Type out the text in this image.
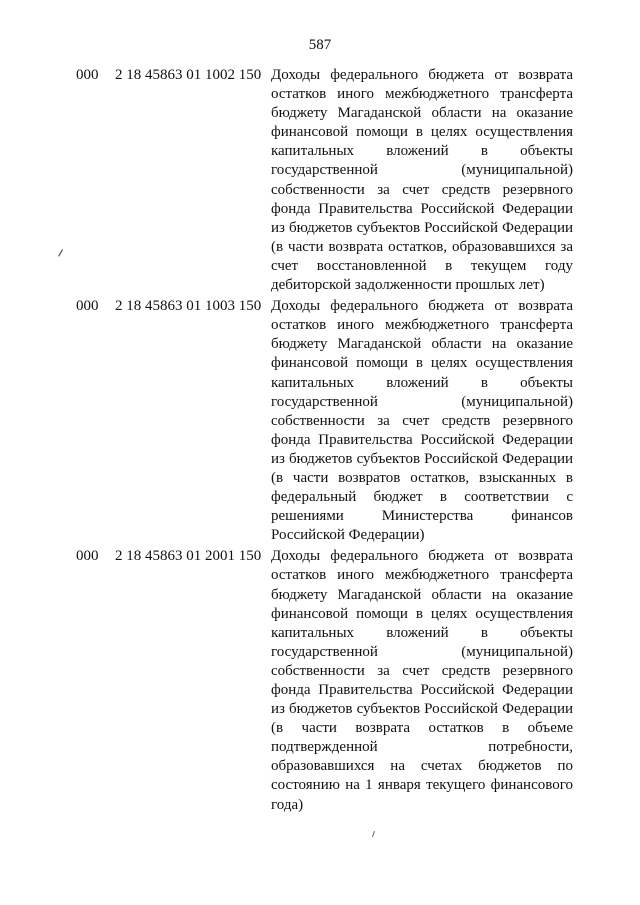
587
000 2 18 45863 01 1002 150 Доходы федерального бюджета от возврата остатков иного межбюджетного трансферта бюджету Магаданской области на оказание финансовой помощи в целях осуществления капитальных вложений в объекты государственной (муниципальной) собственности за счет средств резервного фонда Правительства Российской Федерации из бюджетов субъектов Российской Федерации (в части возврата остатков, образовавшихся за счет восстановленной в текущем году дебиторской задолженности прошлых лет)
000 2 18 45863 01 1003 150 Доходы федерального бюджета от возврата остатков иного межбюджетного трансферта бюджету Магаданской области на оказание финансовой помощи в целях осуществления капитальных вложений в объекты государственной (муниципальной) собственности за счет средств резервного фонда Правительства Российской Федерации из бюджетов субъектов Российской Федерации (в части возвратов остатков, взысканных в федеральный бюджет в соответствии с решениями Министерства финансов Российской Федерации)
000 2 18 45863 01 2001 150 Доходы федерального бюджета от возврата остатков иного межбюджетного трансферта бюджету Магаданской области на оказание финансовой помощи в целях осуществления капитальных вложений в объекты государственной (муниципальной) собственности за счет средств резервного фонда Правительства Российской Федерации из бюджетов субъектов Российской Федерации (в части возврата остатков в объеме подтвержденной потребности, образовавшихся на счетах бюджетов по состоянию на 1 января текущего финансового года)
